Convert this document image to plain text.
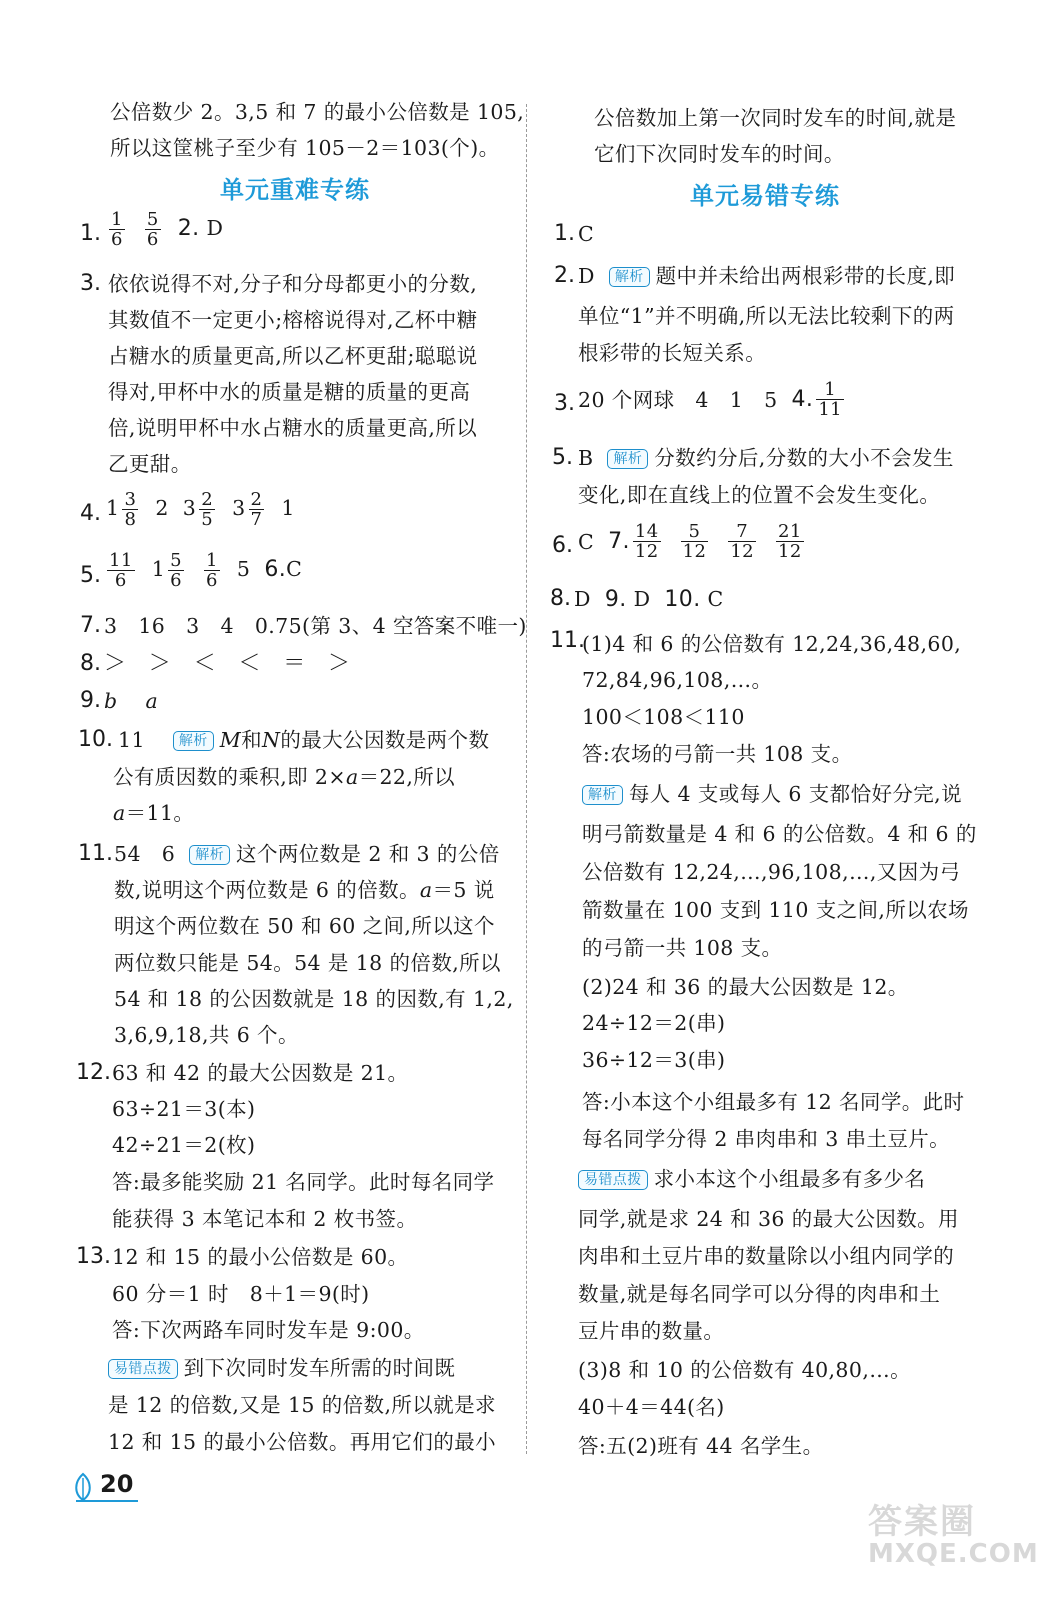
公倍数少 2。3,5 和 7 的最小公倍数是 105,
所以这筐桃子至少有 105－2＝103(个)。
单元重难专练
1. $\frac{1}{6} \frac{5}{6} 2$. D
3. 依依说得不对,分子和分母都更小的分数,
其数值不一定更小;榕榕说得对,乙杯中糖
占糖水的质量更高,所以乙杯更甜;聪聪说
得对,甲杯中水的质量是糖的质量的更高
倍,说明甲杯中水占糖水的质量更高,所以
乙更甜。
4. $1 \frac{3}{8} 2$ $3 \frac{2}{5} 3 \frac{2}{7} 1$
5. $\frac{11}{6} 1 \frac{5}{6} \frac{1}{6} 5$ 6.C
7. 3　16　3　4　0.75(第 3、4 空答案不唯一)
8. ＞　＞　＜　＜　＝　＞
9. b a
10. 11 解析 M和N的最大公因数是两个数
公有质因数的乘积,即 2×a＝22,所以
a＝11。
11. 54　6 解析 这个两位数是 2 和 3 的公倍
数,说明这个两位数是 6 的倍数。a＝5 说
明这个两位数在 50 和 60 之间,所以这个
两位数只能是 54。54 是 18 的倍数,所以
54 和 18 的公因数就是 18 的因数,有 1,2,
3,6,9,18,共 6 个。
12. 63 和 42 的最大公因数是 21。
63÷21＝3(本)
42÷21＝2(枚)
答:最多能奖励 21 名同学。此时每名同学
能获得 3 本笔记本和 2 枚书签。
13. 12 和 15 的最小公倍数是 60。
60 分＝1 时　8＋1＝9(时)
答:下次两路车同时发车是 9:00。
易错点拨 到下次同时发车所需的时间既
是 12 的倍数,又是 15 的倍数,所以就是求
12 和 15 的最小公倍数。再用它们的最小
公倍数加上第一次同时发车的时间,就是
它们下次同时发车的时间。
单元易错专练
1. C
2. D 解析 题中并未给出两根彩带的长度,即
单位“1”并不明确,所以无法比较剩下的两
根彩带的长短关系。
3. 20 个网球　4　1　5 4. $\frac{1}{11}$
5. B 解析 分数约分后,分数的大小不会发生
变化,即在直线上的位置不会发生变化。
6. C 7. $\frac{14}{12} \frac{5}{12} \frac{7}{12} \frac{21}{12}$
8. D 9. D 10. C
11.
(1)4 和 6 的公倍数有 12,24,36,48,60,
72,84,96,108,…。
100＜108＜110
答:农场的弓箭一共 108 支。
解析 每人 4 支或每人 6 支都恰好分完,说
明弓箭数量是 4 和 6 的公倍数。4 和 6 的
公倍数有 12,24,…,96,108,…,又因为弓
箭数量在 100 支到 110 支之间,所以农场
的弓箭一共 108 支。
(2)24 和 36 的最大公因数是 12。
24÷12＝2(串)
36÷12＝3(串)
答:小本这个小组最多有 12 名同学。此时
每名同学分得 2 串肉串和 3 串土豆片。
易错点拨 求小本这个小组最多有多少名
同学,就是求 24 和 36 的最大公因数。用
肉串和土豆片串的数量除以小组内同学的
数量,就是每名同学可以分得的肉串和土
豆片串的数量。
(3)8 和 10 的公倍数有 40,80,…。
40＋4＝44(名)
答:五(2)班有 44 名学生。
20
答案圈
MXQE.COM
